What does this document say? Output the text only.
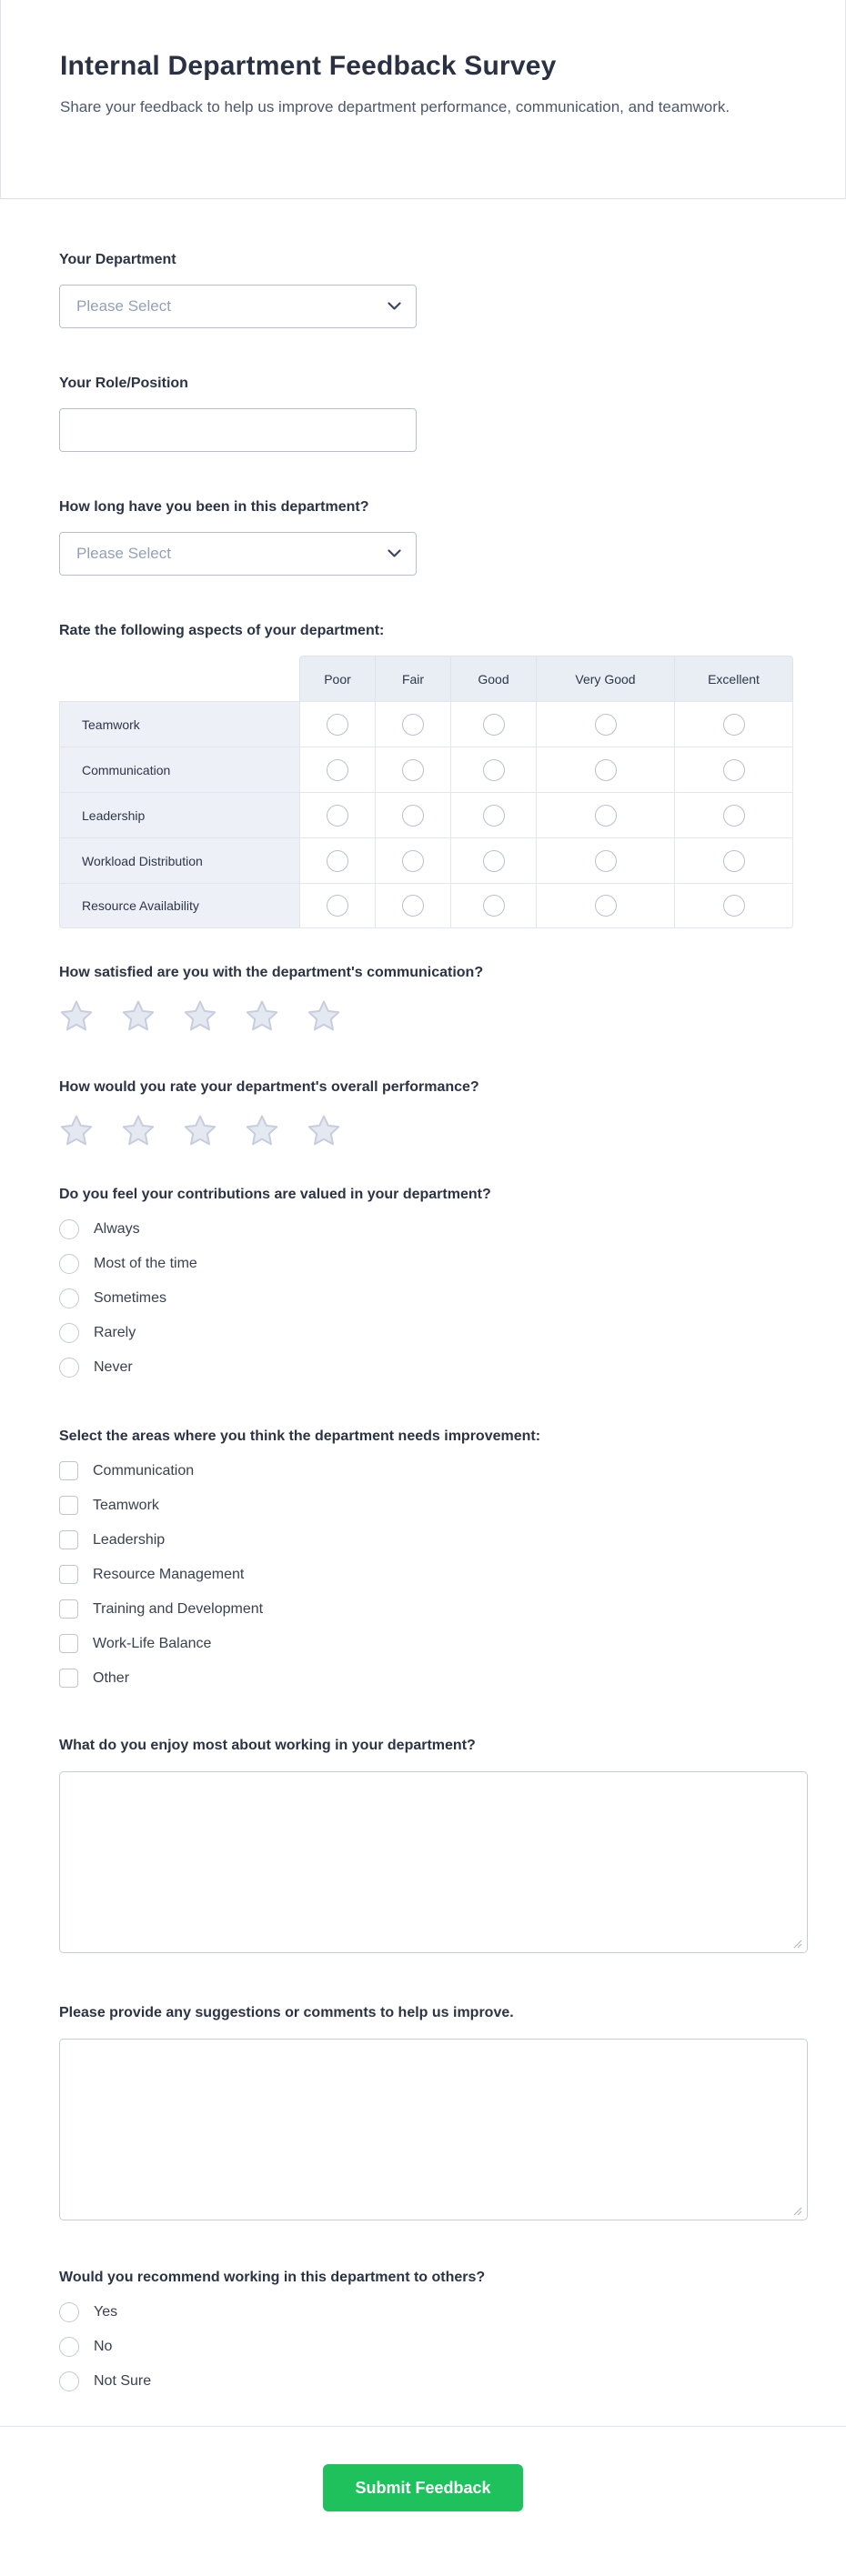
Internal Department Feedback Survey

Share your feedback to help us improve department performance, communication, and teamwork.

Your Department
Please Select
Your Role/Position
How long have you been in this department?
Please Select
Rate the following aspects of your department:
	Poor	Fair	Good	Very Good	Excellent
Teamwork					
Communication					
Leadership					
Workload Distribution					
Resource Availability					
How satisfied are you with the department's communication?
How would you rate your department's overall performance?
Do you feel your contributions are valued in your department?
Always
Most of the time
Sometimes
Rarely
Never
Select the areas where you think the department needs improvement:
Communication
Teamwork
Leadership
Resource Management
Training and Development
Work-Life Balance
Other
What do you enjoy most about working in your department?
Please provide any suggestions or comments to help us improve.
Would you recommend working in this department to others?
Yes
No
Not Sure
Submit Feedback
